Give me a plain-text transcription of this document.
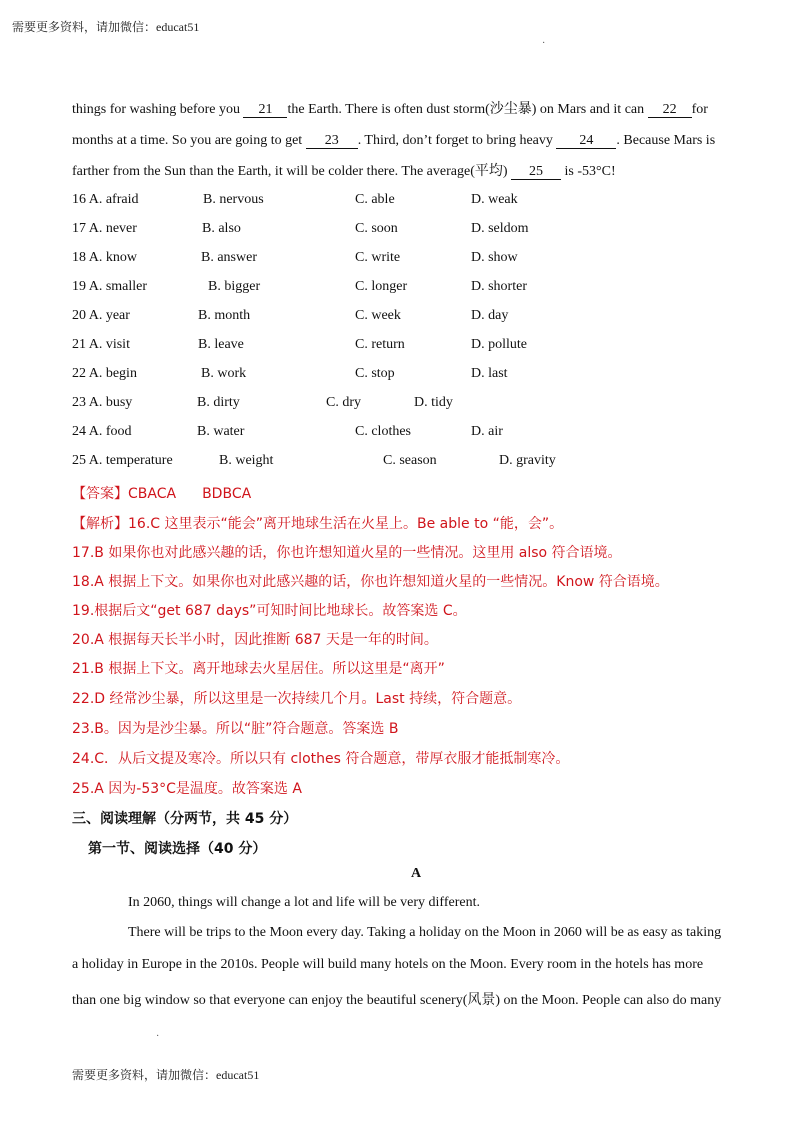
需要更多资料，请加微信：educat51
·
things for washing before you 21 the Earth. There is often dust storm(沙尘暴) on Mars and it can 22 for
months at a time. So you are going to get 23 . Third, don’t forget to bring heavy 24 . Because Mars is
farther from the Sun than the Earth, it will be colder there. The average(平均) 25 is -53°C!
16 A. afraid	B. nervous	C. able	D. weak
17 A. never	B. also	C. soon	D. seldom
18 A. know	B. answer	C. write	D. show
19 A. smaller	B. bigger	C. longer	D. shorter
20 A. year	B. month	C. week	D. day
21 A. visit	B. leave	C. return	D. pollute
22 A. begin	B. work	C. stop	D. last
23 A. busy	B. dirty	C. dry	D. tidy
24 A. food	B. water	C. clothes	D. air
25 A. temperature	B. weight	C. season	D. gravity
【答案】CBACA BDBCA
【解析】16.C 这里表示“能会”离开地球生活在火星上。Be able to “能，会”。
17.B 如果你也对此感兴趣的话，你也许想知道火星的一些情况。这里用 also 符合语境。
18.A 根据上下文。如果你也对此感兴趣的话，你也许想知道火星的一些情况。Know 符合语境。
19.根据后文“get 687 days”可知时间比地球长。故答案选 C。
20.A 根据每天长半小时，因此推断 687 天是一年的时间。
21.B 根据上下文。离开地球去火星居住。所以这里是“离开”
22.D 经常沙尘暴，所以这里是一次持续几个月。Last 持续，符合题意。
23.B。因为是沙尘暴。所以“脏”符合题意。答案选 B
24.C．从后文提及寒冷。所以只有 clothes 符合题意，带厚衣服才能抵制寒冷。
25.A 因为-53°C是温度。故答案选 A
三、阅读理解（分两节，共 45 分）
第一节、阅读选择（40 分）
A
In 2060, things will change a lot and life will be very different.
There will be trips to the Moon every day. Taking a holiday on the Moon in 2060 will be as easy as taking
a holiday in Europe in the 2010s. People will build many hotels on the Moon. Every room in the hotels has more
than one big window so that everyone can enjoy the beautiful scenery(风景) on the Moon. People can also do many
·
需要更多资料，请加微信：educat51
